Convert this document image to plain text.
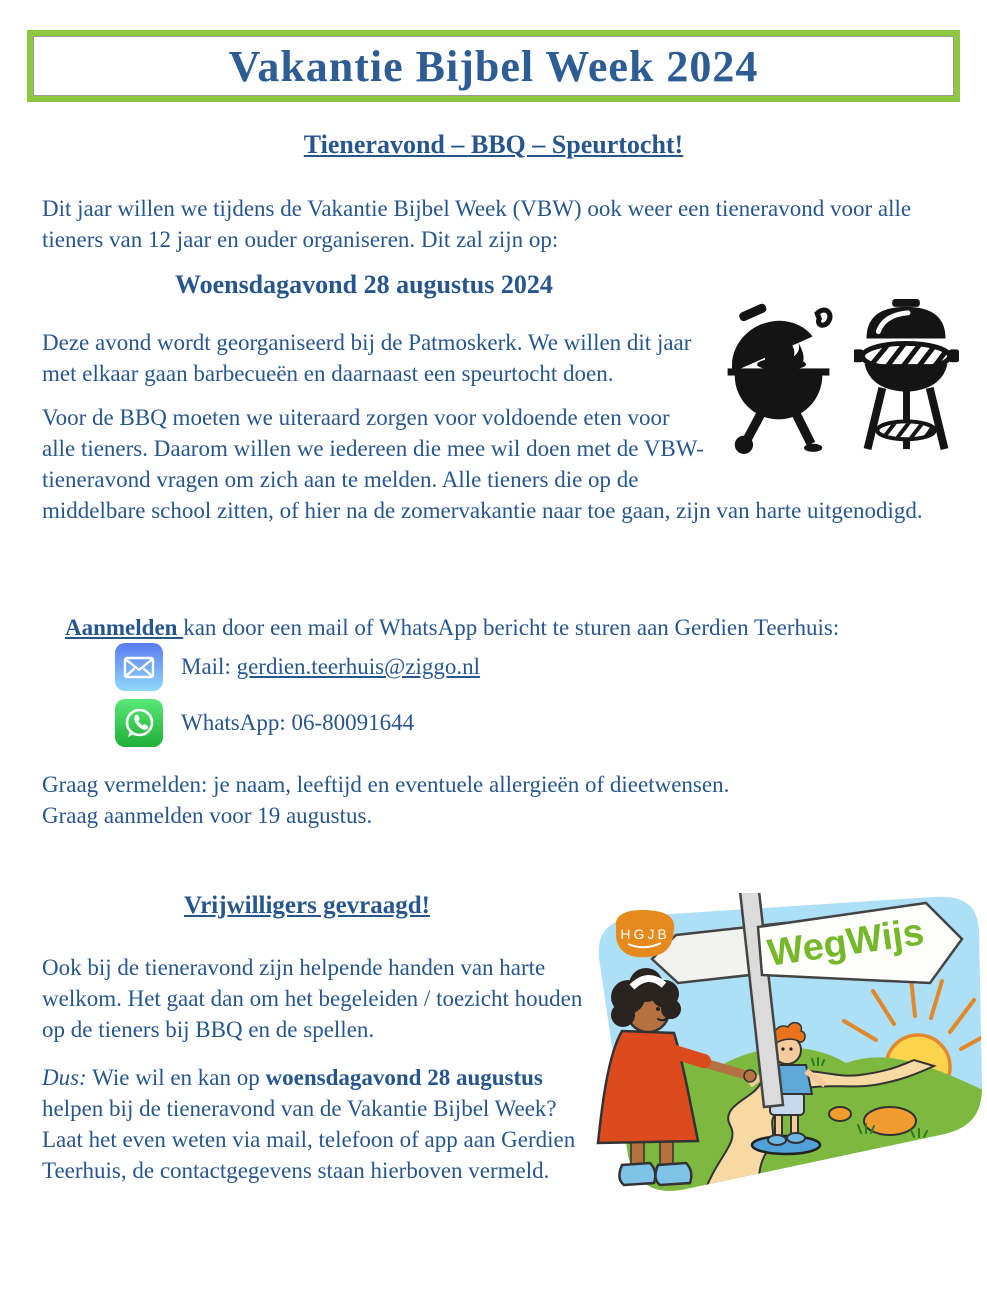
Vakantie Bijbel Week 2024
Tieneravond – BBQ – Speurtocht!
Dit jaar willen we tijdens de Vakantie Bijbel Week (VBW) ook weer een tieneravond voor alle
tieners van 12 jaar en ouder organiseren. Dit zal zijn op:
Woensdagavond 28 augustus 2024
Deze avond wordt georganiseerd bij de Patmoskerk. We willen dit jaar
met elkaar gaan barbecueën en daarnaast een speurtocht doen.
Voor de BBQ moeten we uiteraard zorgen voor voldoende eten voor
alle tieners. Daarom willen we iedereen die mee wil doen met de VBW-
tieneravond vragen om zich aan te melden. Alle tieners die op de
middelbare school zitten, of hier na de zomervakantie naar toe gaan, zijn van harte uitgenodigd.

Aanmelden kan door een mail of WhatsApp bericht te sturen aan Gerdien Teerhuis:

Mail: gerdien.teerhuis@ziggo.nl
WhatsApp: 06-80091644
Graag vermelden: je naam, leeftijd en eventuele allergieën of dieetwensen.
Graag aanmelden voor 19 augustus.
Vrijwilligers gevraagd!
Ook bij de tieneravond zijn helpende handen van harte
welkom. Het gaat dan om het begeleiden / toezicht houden
op de tieners bij BBQ en de spellen.
Dus: Wie wil en kan op woensdagavond 28 augustus
helpen bij de tieneravond van de Vakantie Bijbel Week?
Laat het even weten via mail, telefoon of app aan Gerdien
Teerhuis, de contactgegevens staan hierboven vermeld.
WegWijs
HGJB
